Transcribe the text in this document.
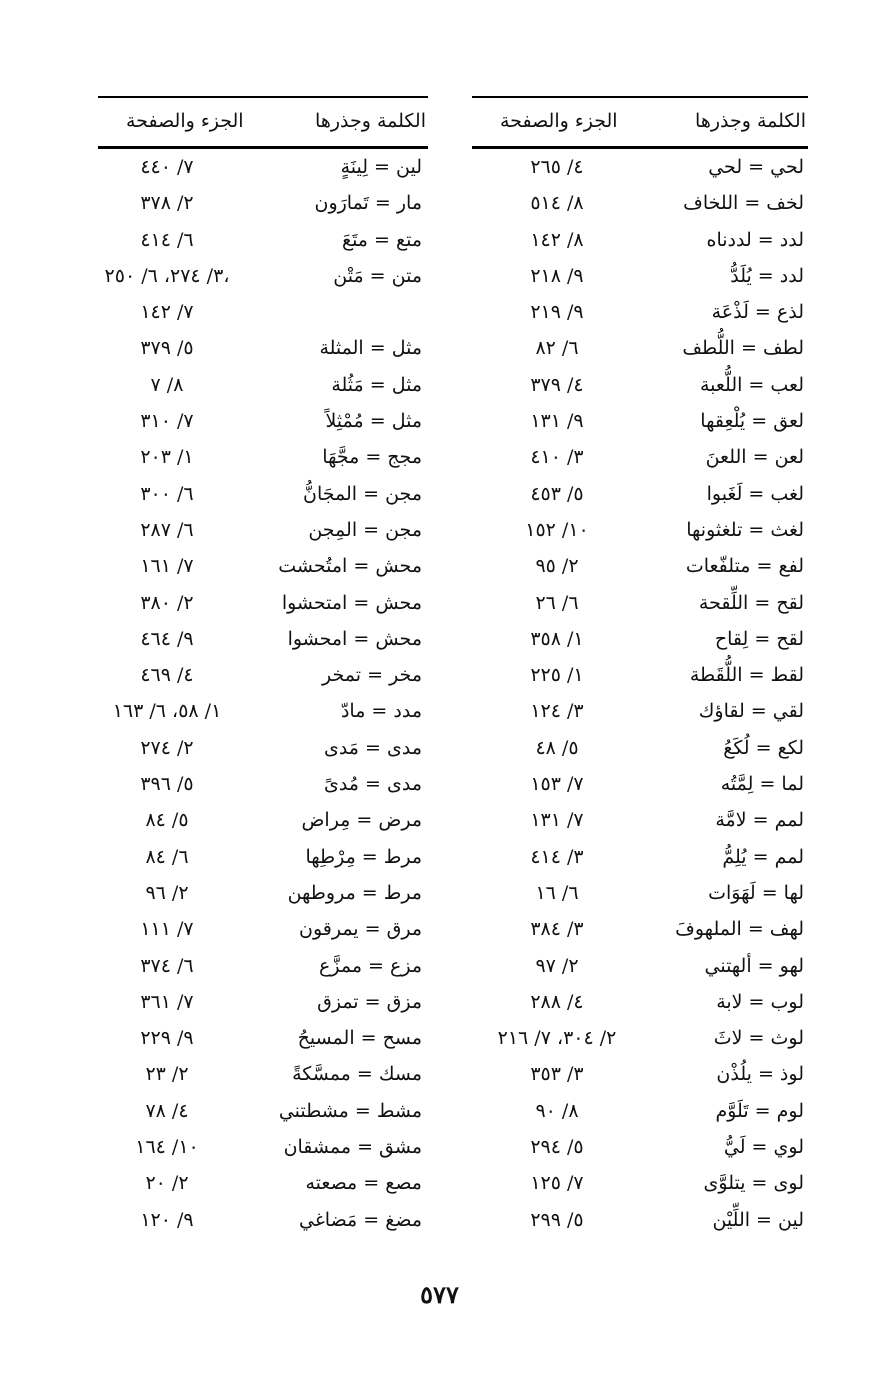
الكلمة وجذرها
الجزء والصفحة
لحي = لحي
٤/ ٢٦٥
لخف = اللخاف
٨/ ٥١٤
لدد = لددناه
٨/ ١٤٢
لدد = يُلَدُّ
٩/ ٢١٨
لذع = لَذْعَة
٩/ ٢١٩
لطف = اللُّطف
٦/ ٨٢
لعب = اللُّعبة
٤/ ٣٧٩
لعق = يُلْعِقها
٩/ ١٣١
لعن = اللعنَ
٣/ ٤١٠
لغب = لَغَبوا
٥/ ٤٥٣
لغث = تلغثونها
١٠/ ١٥٢
لفع = متلفّعات
٢/ ٩٥
لقح = اللِّقحة
٦/ ٢٦
لقح = لِقاح
١/ ٣٥٨
لقط = اللُّقَطة
١/ ٢٢٥
لقي = لقاؤك
٣/ ١٢٤
لكع = لُكَعُ
٥/ ٤٨
لما = لِمَّتُه
٧/ ١٥٣
لمم = لامَّة
٧/ ١٣١
لمم = يُلِمُّ
٣/ ٤١٤
لها = لَهَوَات
٦/ ١٦
لهف = الملهوفَ
٣/ ٣٨٤
لهو = ألهتني
٢/ ٩٧
لوب = لابة
٤/ ٢٨٨
لوث = لاثَ
٢/ ٣٠٤، ٧/ ٢١٦
لوذ = يلُذْن
٣/ ٣٥٣
لوم = تَلَوَّم
٨/ ٩٠
لوي = لَيُّ
٥/ ٢٩٤
لوى = يتلوَّى
٧/ ١٢٥
لين = اللِّيْن
٥/ ٢٩٩
الكلمة وجذرها
الجزء والصفحة
لين = لِينَةٍ
٧/ ٤٤٠
مار = تَمارَون
٢/ ٣٧٨
متع = متَعَ
٦/ ٤١٤
متن = مَتْن
٣/ ٢٧٤، ٦/ ٢٥٠،
٧/ ١٤٢
مثل = المثلة
٥/ ٣٧٩
مثل = مَثُلة
٨/ ٧
مثل = مُمْثِلاً
٧/ ٣١٠
مجج = مجَّهَا
١/ ٢٠٣
مجن = المجَانُّ
٦/ ٣٠٠
مجن = المِجن
٦/ ٢٨٧
محش = امتُحشت
٧/ ١٦١
محش = امتحشوا
٢/ ٣٨٠
محش = امحشوا
٩/ ٤٦٤
مخر = تمخر
٤/ ٤٦٩
مدد = مادّ
١/ ٥٨، ٦/ ١٦٣
مدى = مَدى
٢/ ٢٧٤
مدى = مُدىً
٥/ ٣٩٦
مرض = مِراض
٥/ ٨٤
مرط = مِرْطِها
٦/ ٨٤
مرط = مروطهن
٢/ ٩٦
مرق = يمرقون
٧/ ١١١
مزع = ممزَّع
٦/ ٣٧٤
مزق = تمزق
٧/ ٣٦١
مسح = المسيحُ
٩/ ٢٢٩
مسك = ممسَّكةً
٢/ ٢٣
مشط = مشطتني
٤/ ٧٨
مشق = ممشقان
١٠/ ١٦٤
مصع = مصعته
٢/ ٢٠
مضغ = مَضاغي
٩/ ١٢٠
٥٧٧
